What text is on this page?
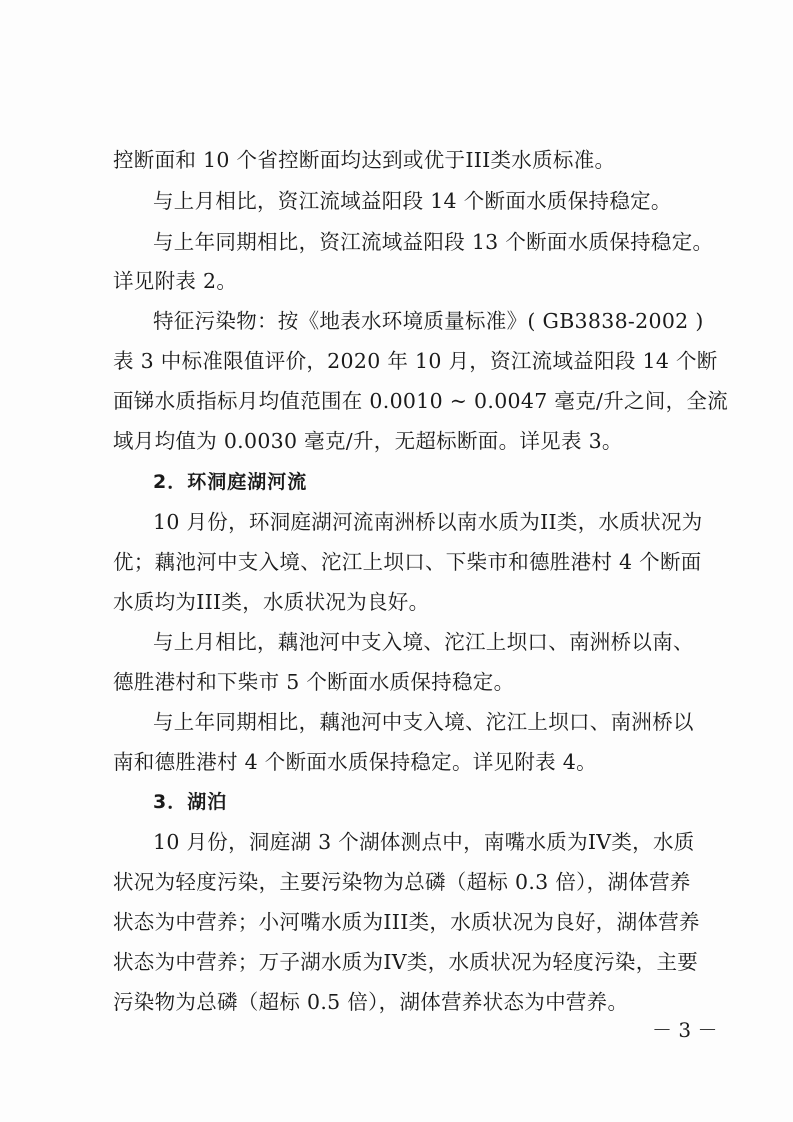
控断面和 10 个省控断面均达到或优于III类水质标准。
与上月相比，资江流域益阳段 14 个断面水质保持稳定。
与上年同期相比，资江流域益阳段 13 个断面水质保持稳定。
详见附表 2。
特征污染物：按《地表水环境质量标准》( GB3838-2002 )
表 3 中标准限值评价，2020 年 10 月，资江流域益阳段 14 个断
面锑水质指标月均值范围在 0.0010 ~ 0.0047 毫克/升之间，全流
域月均值为 0.0030 毫克/升，无超标断面。详见表 3。
2．环洞庭湖河流
10 月份，环洞庭湖河流南洲桥以南水质为II类，水质状况为
优；藕池河中支入境、沱江上坝口、下柴市和德胜港村 4 个断面
水质均为III类，水质状况为良好。
与上月相比，藕池河中支入境、沱江上坝口、南洲桥以南、
德胜港村和下柴市 5 个断面水质保持稳定。
与上年同期相比，藕池河中支入境、沱江上坝口、南洲桥以
南和德胜港村 4 个断面水质保持稳定。详见附表 4。
3．湖泊
10 月份，洞庭湖 3 个湖体测点中，南嘴水质为IV类，水质
状况为轻度污染，主要污染物为总磷（超标 0.3 倍），湖体营养
状态为中营养；小河嘴水质为III类，水质状况为良好，湖体营养
状态为中营养；万子湖水质为IV类，水质状况为轻度污染，主要
污染物为总磷（超标 0.5 倍），湖体营养状态为中营养。
－ 3 －
